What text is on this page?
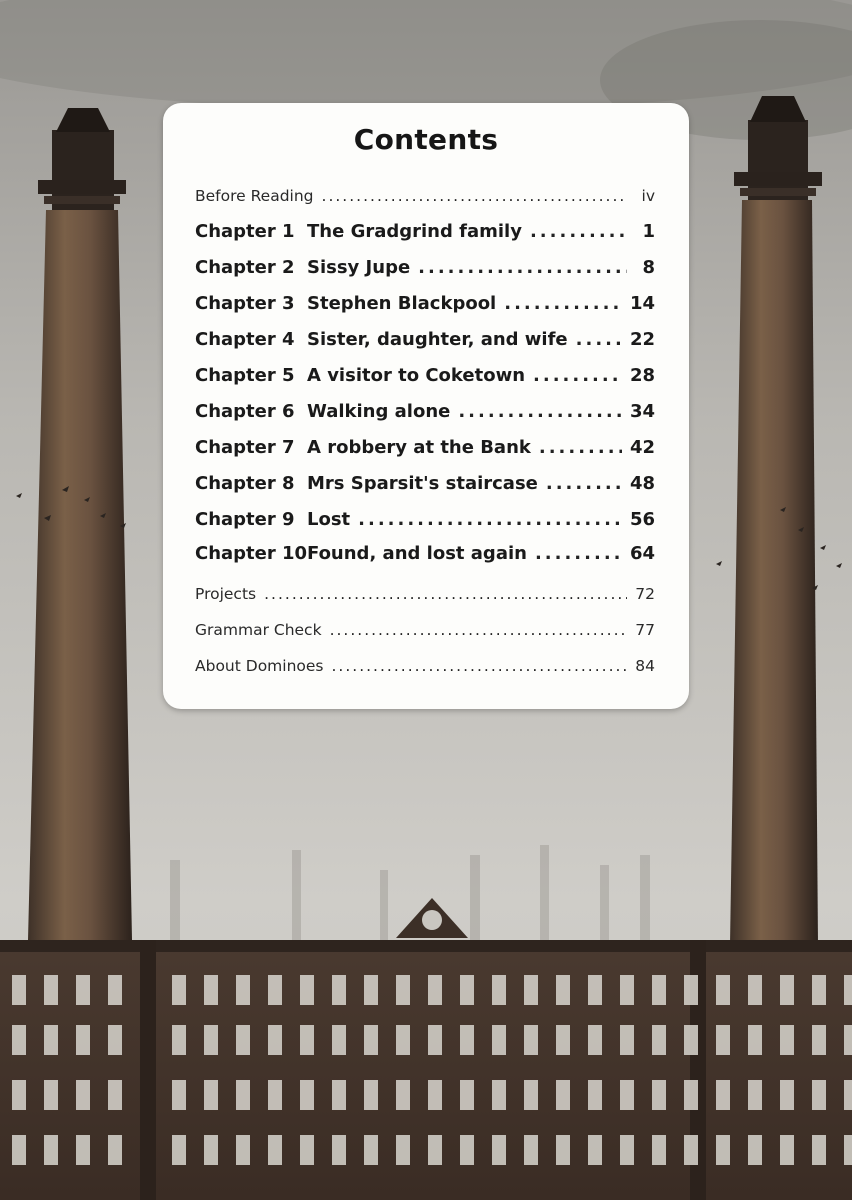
Contents
Before Reading .....	iv
Chapter 1 The Gradgrind family .....	1
Chapter 2 Sissy Jupe .....	8
Chapter 3 Stephen Blackpool .....	14
Chapter 4 Sister, daughter, and wife .....	22
Chapter 5 A visitor to Coketown .....	28
Chapter 6 Walking alone .....	34
Chapter 7 A robbery at the Bank .....	42
Chapter 8 Mrs Sparsit's staircase .....	48
Chapter 9 Lost .....	56
Chapter 10 Found, and lost again .....	64
Projects .....	72
Grammar Check .....	77
About Dominoes .....	84
